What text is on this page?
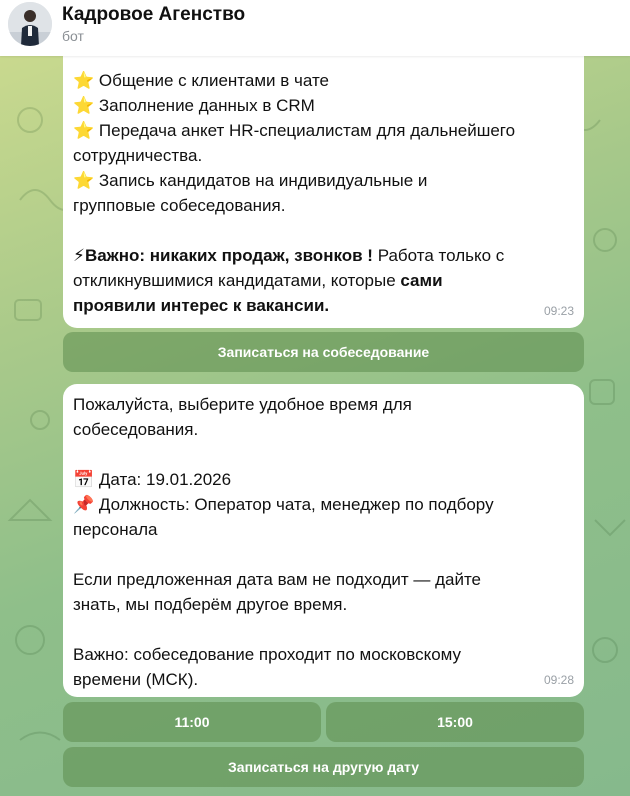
Кадровое Агенство
бот
⭐ Общение с клиентами в чате
⭐ Заполнение данных в CRM
⭐ Передача анкет HR-специалистам для дальнейшего
сотрудничества.
⭐ Запись кандидатов на индивидуальные и
групповые собеседования.
⚡Важно: никаких продаж, звонков ! Работа только с
откликнувшимися кандидатами, которые сами
проявили интерес к вакансии.	09:23
Записаться на собеседование
Пожалуйста, выберите удобное время для
собеседования.
📅 Дата: 19.01.2026
📌 Должность: Оператор чата, менеджер по подбору
персонала
Если предложенная дата вам не подходит — дайте
знать, мы подберём другое время.
Важно: собеседование проходит по московскому
времени (МСК).	09:28
11:00	15:00
Записаться на другую дату
